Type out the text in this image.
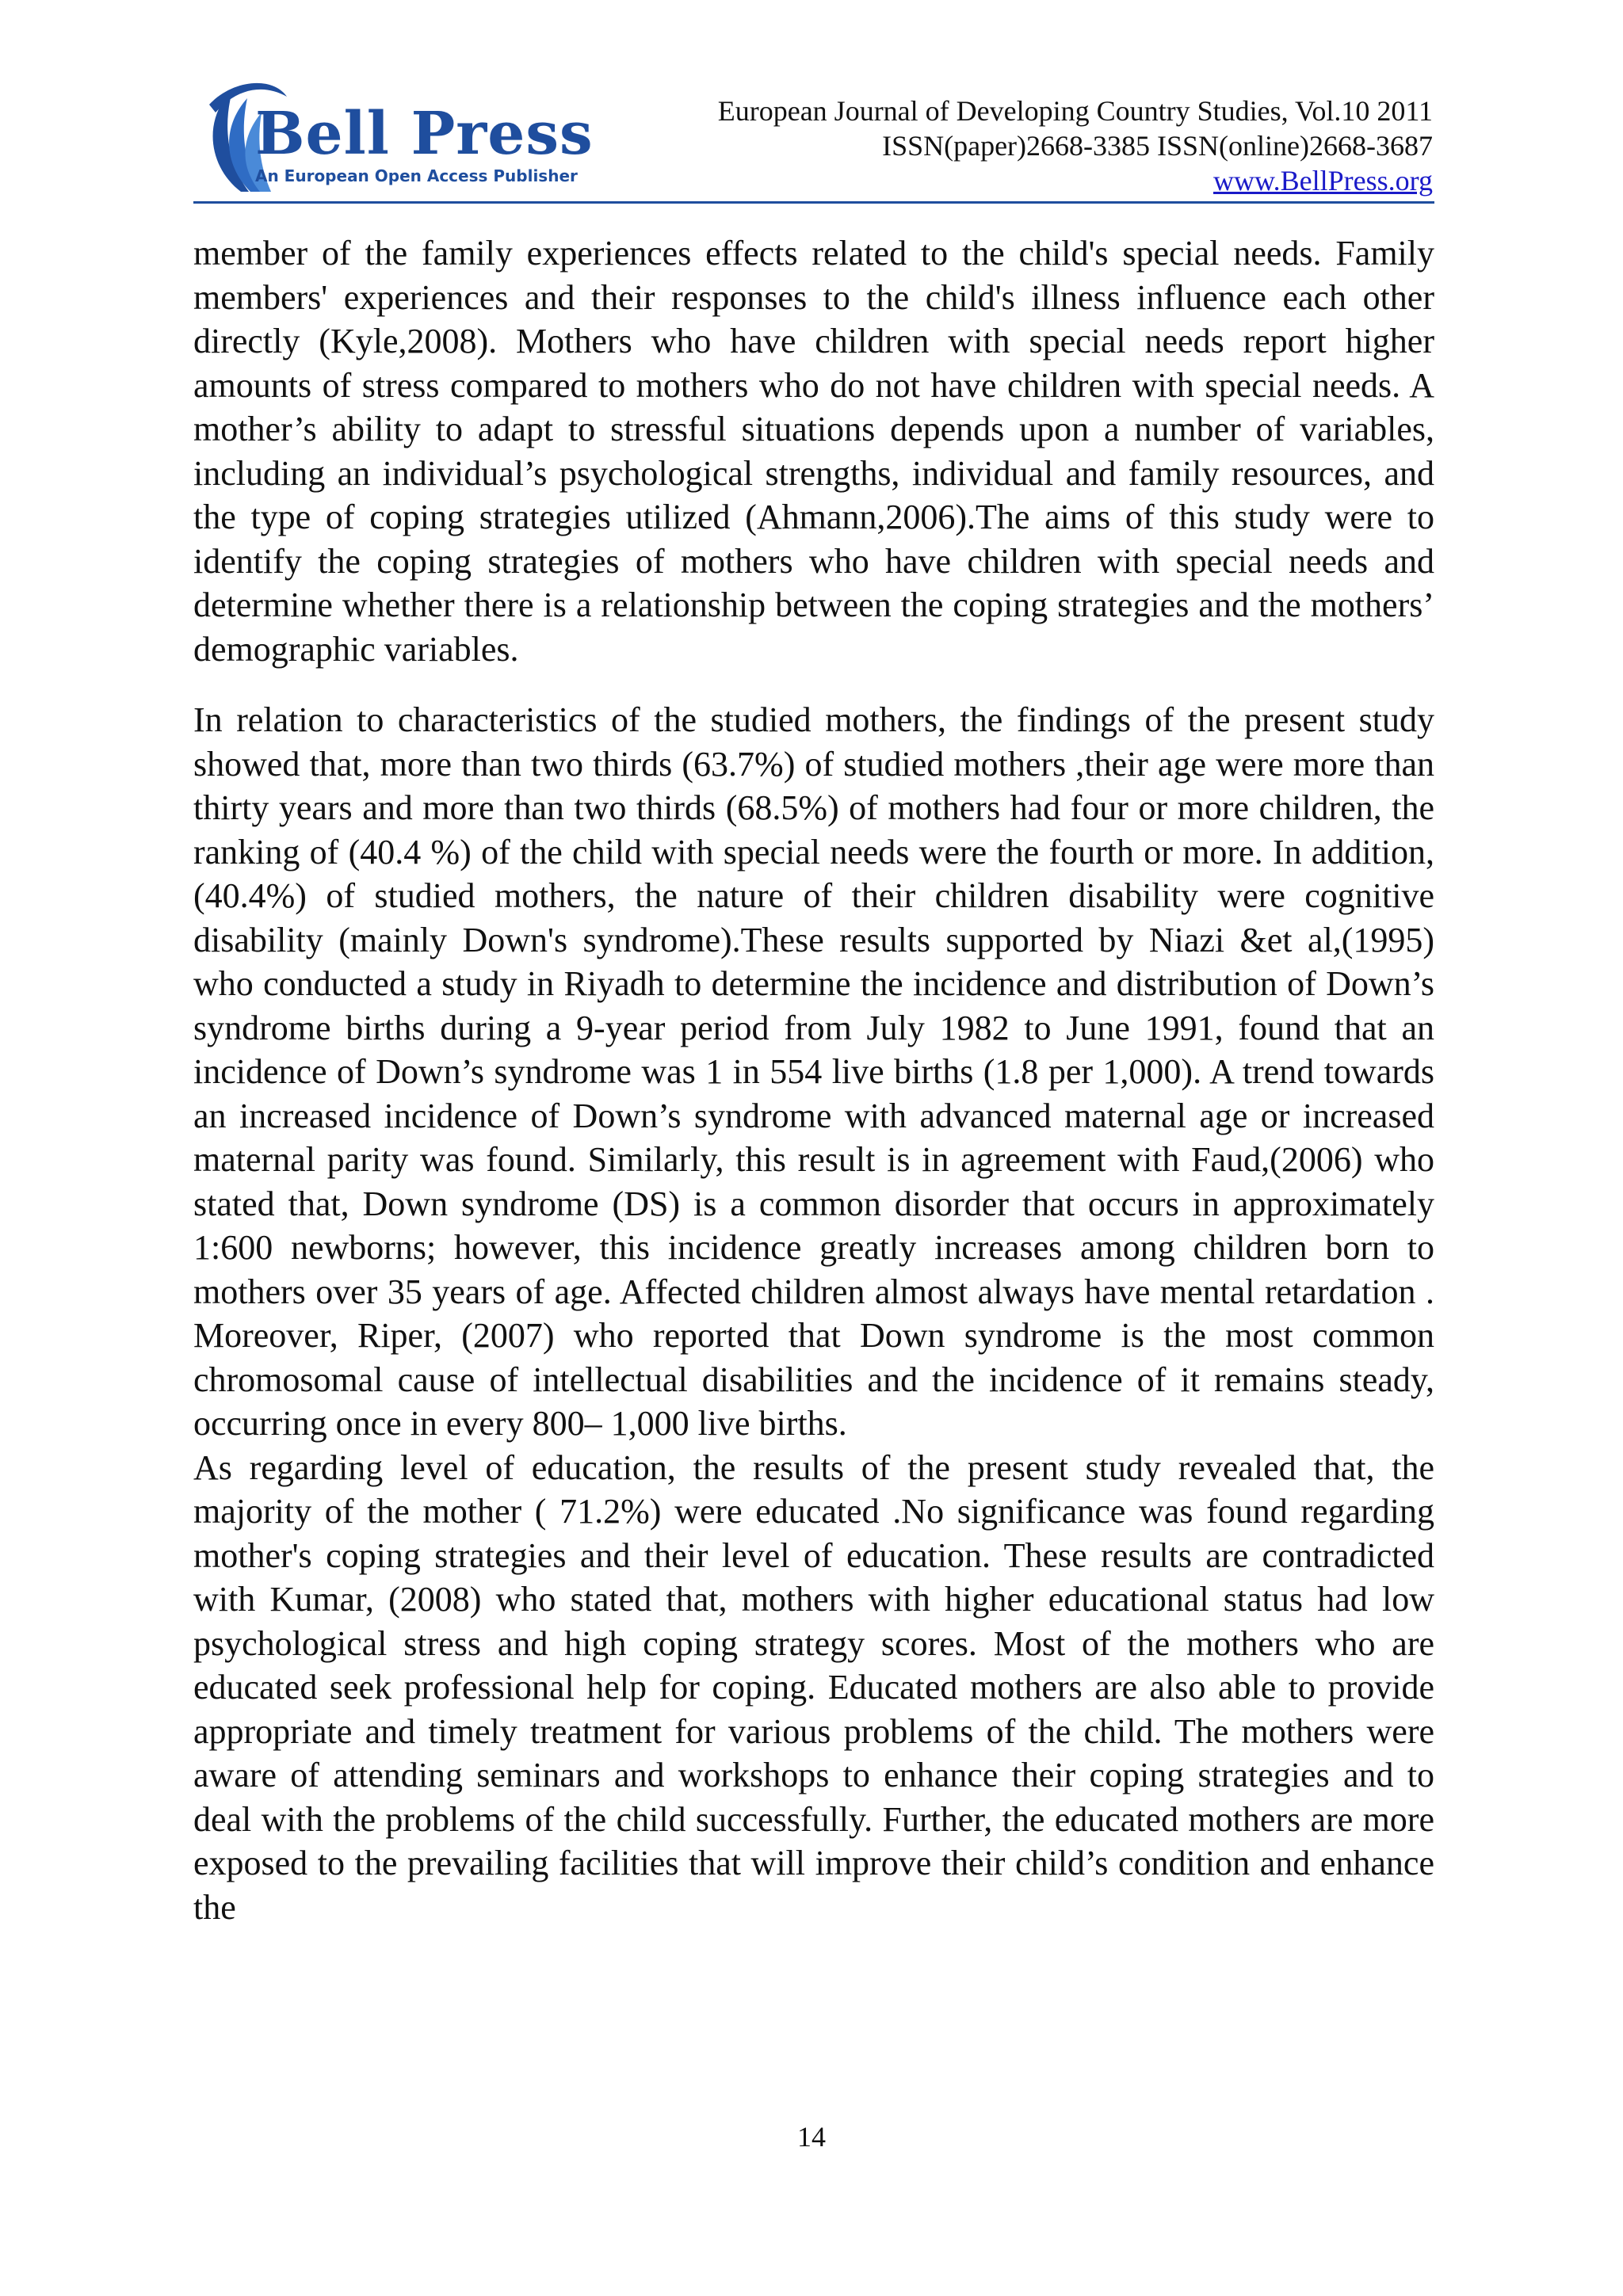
Bell Press
An European Open Access Publisher
European Journal of Developing Country Studies, Vol.10 2011
ISSN(paper)2668-3385 ISSN(online)2668-3687
www.BellPress.org

member of the family experiences effects related to the child's special needs. Family members' experiences and their responses to the child's illness influence each other directly (Kyle,2008). Mothers who have children with special needs report higher amounts of stress compared to mothers who do not have children with special needs. A mother’s ability to adapt to stressful situations depends upon a number of variables, including an individual’s psychological strengths, individual and family resources, and the type of coping strategies utilized (Ahmann,2006).The aims of this study were to identify the coping strategies of mothers who have children with special needs and determine whether there is a relationship between the coping strategies and the mothers’ demographic variables.

In relation to characteristics of the studied mothers, the findings of the present study showed that, more than two thirds (63.7%) of studied mothers ,their age were more than thirty years and more than two thirds (68.5%) of mothers had four or more children, the ranking of (40.4 %) of the child with special needs were the fourth or more. In addition, (40.4%) of studied mothers, the nature of their children disability were cognitive disability (mainly Down's syndrome).These results supported by Niazi &et al,(1995) who conducted a study in Riyadh to determine the incidence and distribution of Down’s syndrome births during a 9-year period from July 1982 to June 1991, found that an incidence of Down’s syndrome was 1 in 554 live births (1.8 per 1,000). A trend towards an increased incidence of Down’s syndrome with advanced maternal age or increased maternal parity was found. Similarly, this result is in agreement with Faud,(2006) who stated that, Down syndrome (DS) is a common disorder that occurs in approximately 1:600 newborns; however, this incidence greatly increases among children born to mothers over 35 years of age. Affected children almost always have mental retardation . Moreover, Riper, (2007) who reported that Down syndrome is the most common chromosomal cause of intellectual disabilities and the incidence of it remains steady, occurring once in every 800– 1,000 live births.

As regarding level of education, the results of the present study revealed that, the majority of the mother ( 71.2%) were educated .No significance was found regarding mother's coping strategies and their level of education. These results are contradicted with Kumar, (2008) who stated that, mothers with higher educational status had low psychological stress and high coping strategy scores. Most of the mothers who are educated seek professional help for coping. Educated mothers are also able to provide appropriate and timely treatment for various problems of the child. The mothers were aware of attending seminars and workshops to enhance their coping strategies and to deal with the problems of the child successfully. Further, the educated mothers are more exposed to the prevailing facilities that will improve their child’s condition and enhance the

14
